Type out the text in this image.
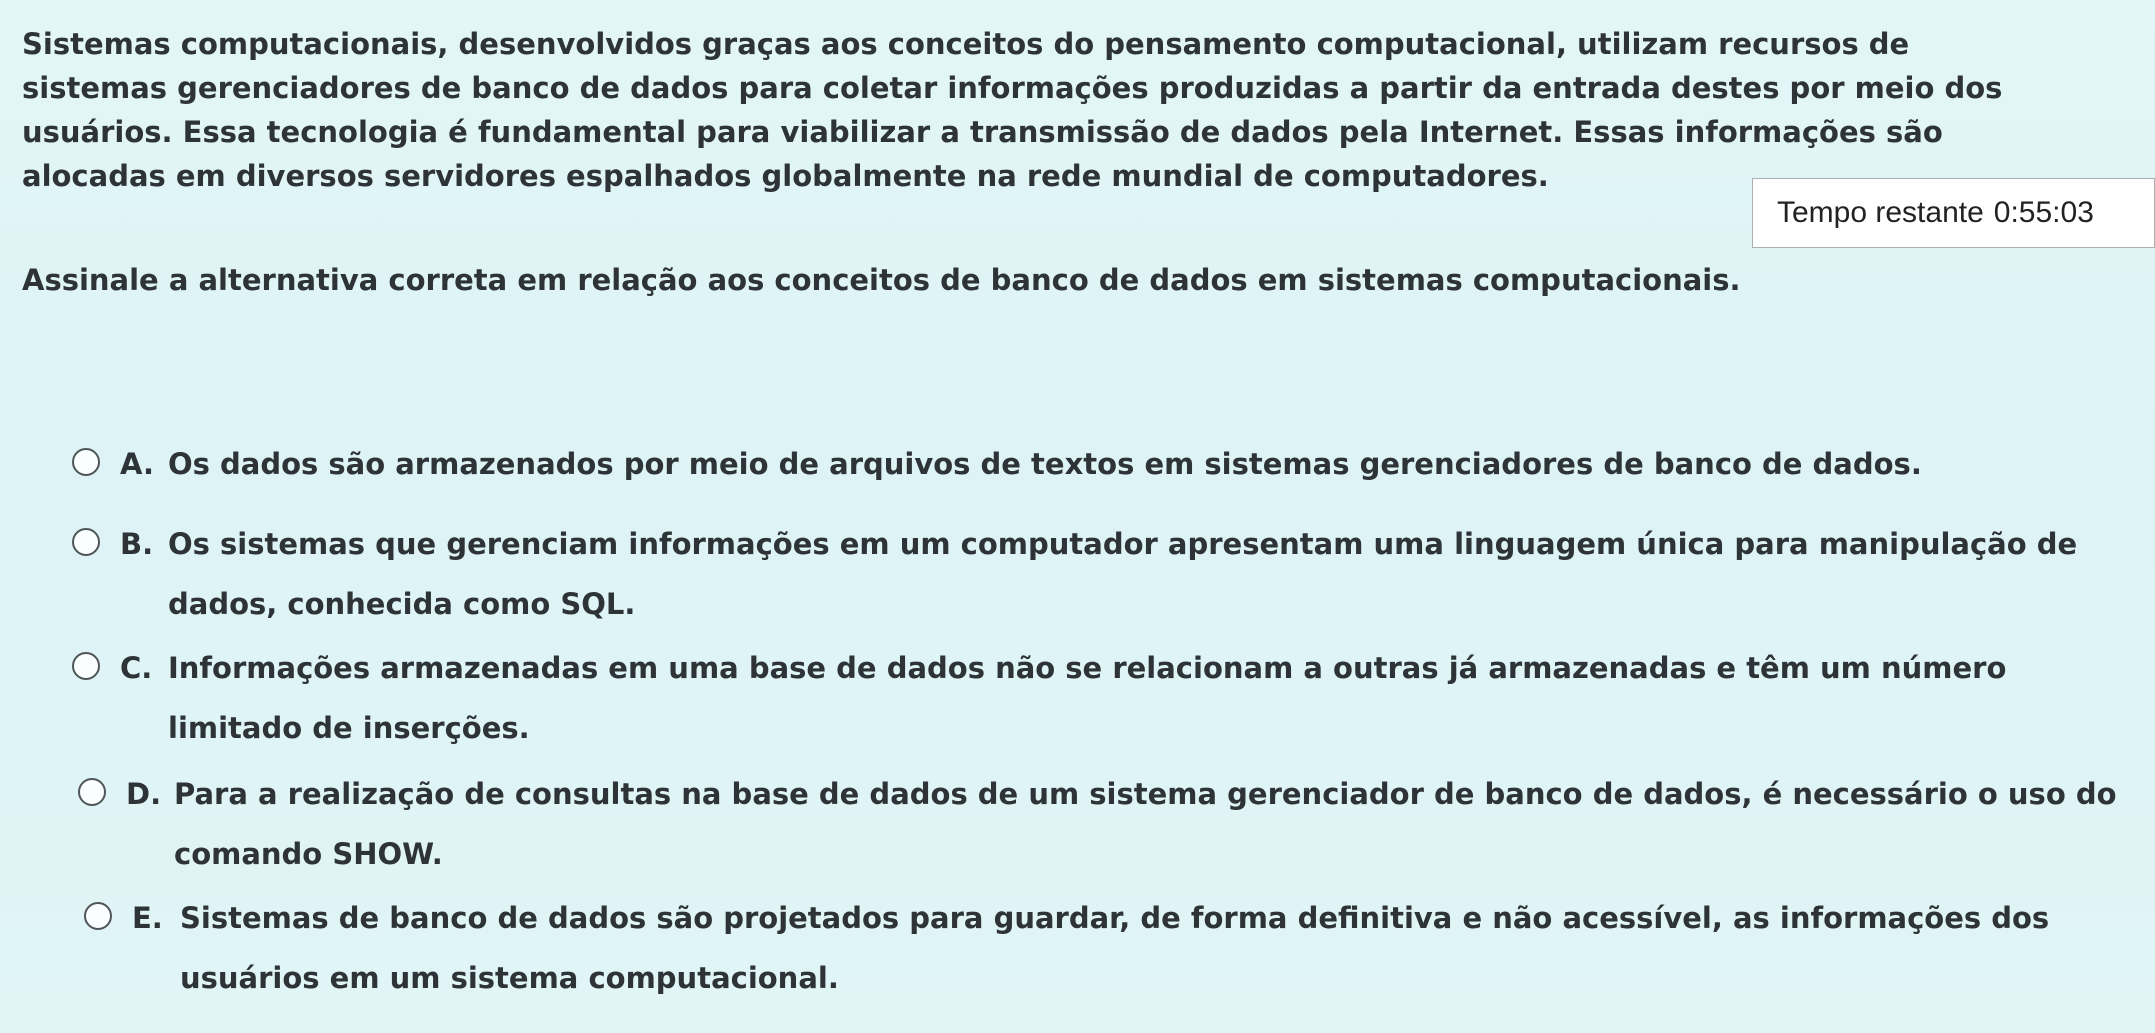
Sistemas computacionais, desenvolvidos graças aos conceitos do pensamento computacional, utilizam recursos de sistemas gerenciadores de banco de dados para coletar informações produzidas a partir da entrada destes por meio dos usuários. Essa tecnologia é fundamental para viabilizar a transmissão de dados pela Internet. Essas informações são alocadas em diversos servidores espalhados globalmente na rede mundial de computadores.

Tempo restante 0:55:03

Assinale a alternativa correta em relação aos conceitos de banco de dados em sistemas computacionais.

A. Os dados são armazenados por meio de arquivos de textos em sistemas gerenciadores de banco de dados.
B. Os sistemas que gerenciam informações em um computador apresentam uma linguagem única para manipulação de dados, conhecida como SQL.
C. Informações armazenadas em uma base de dados não se relacionam a outras já armazenadas e têm um número limitado de inserções.
D. Para a realização de consultas na base de dados de um sistema gerenciador de banco de dados, é necessário o uso do comando SHOW.
E. Sistemas de banco de dados são projetados para guardar, de forma definitiva e não acessível, as informações dos usuários em um sistema computacional.
